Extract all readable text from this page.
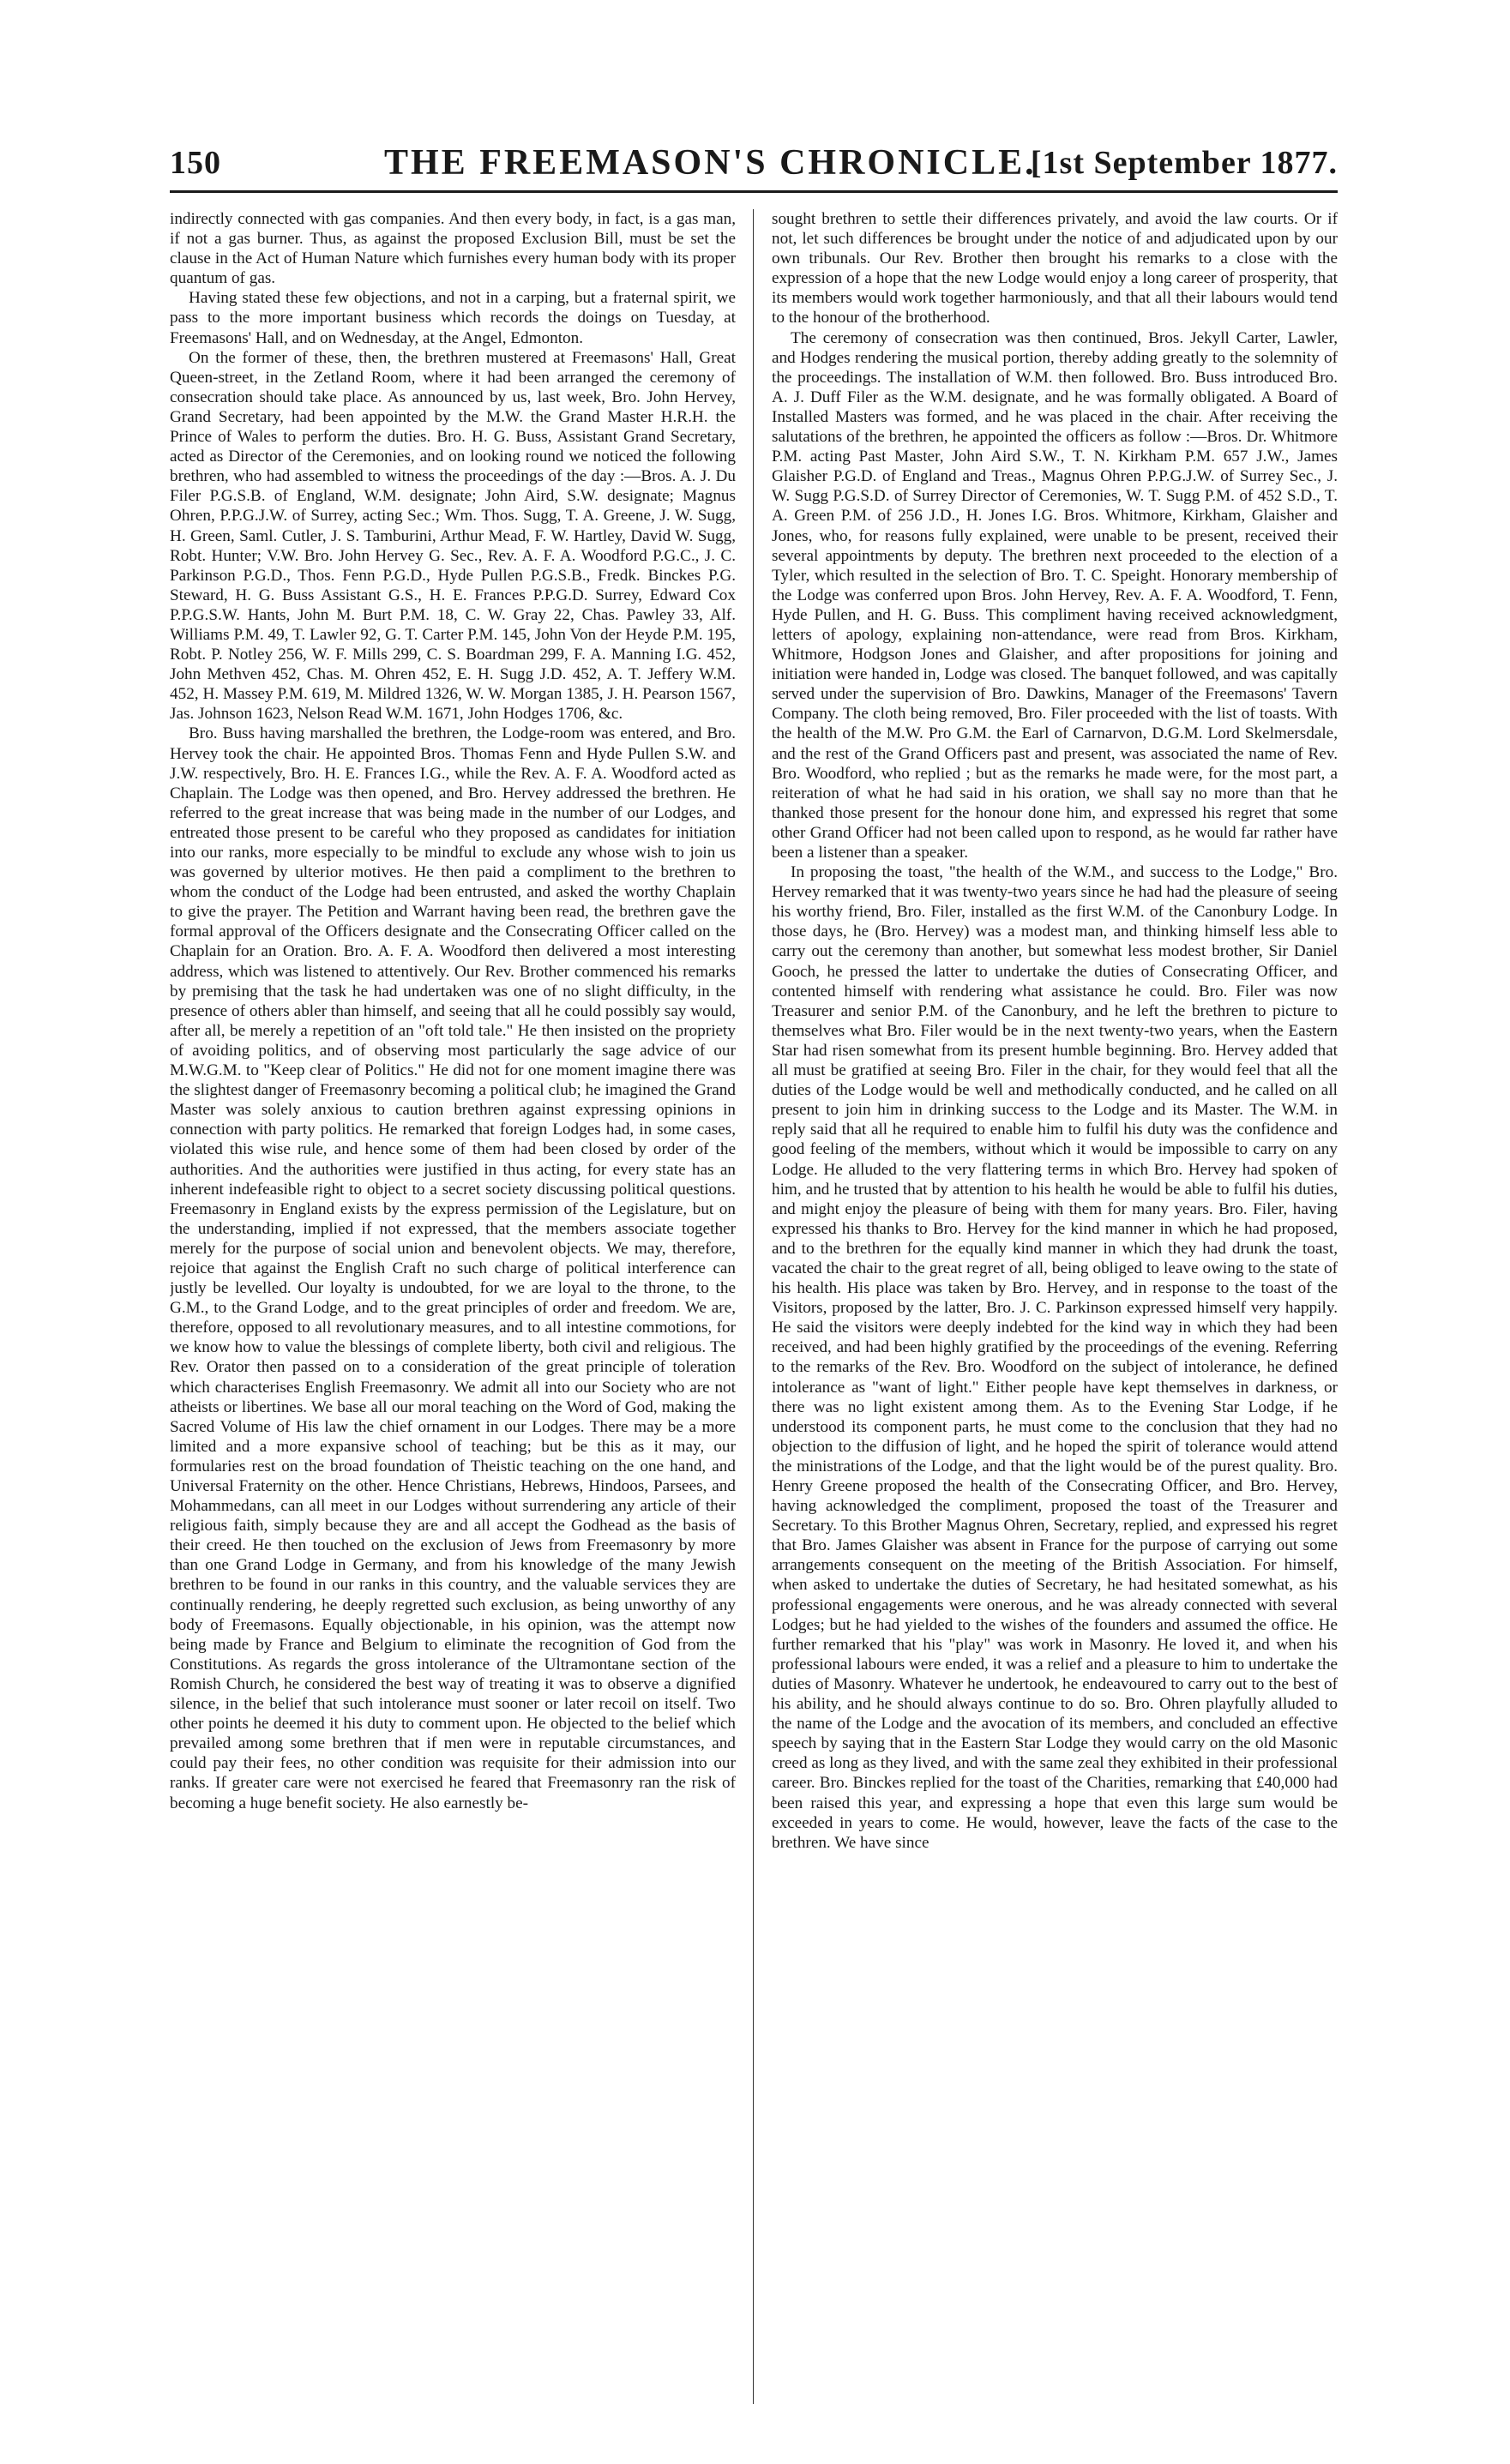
150	THE FREEMASON'S CHRONICLE.
[1st September 1877.

indirectly connected with gas companies. And then every body, in fact, is a gas man, if not a gas burner. Thus, as against the proposed Exclusion Bill, must be set the clause in the Act of Human Nature which furnishes every human body with its proper quantum of gas.

Having stated these few objections, and not in a carping, but a fraternal spirit, we pass to the more important business which records the doings on Tuesday, at Freemasons' Hall, and on Wednesday, at the Angel, Edmonton.

On the former of these, then, the brethren mustered at Freemasons' Hall, Great Queen-street, in the Zetland Room, where it had been arranged the ceremony of consecration should take place. As announced by us, last week, Bro. John Hervey, Grand Secretary, had been appointed by the M.W. the Grand Master H.R.H. the Prince of Wales to perform the duties. Bro. H. G. Buss, Assistant Grand Secretary, acted as Director of the Ceremonies, and on looking round we noticed the following brethren, who had assembled to witness the proceedings of the day :—Bros. A. J. Du Filer P.G.S.B. of England, W.M. designate; John Aird, S.W. designate; Magnus Ohren, P.P.G.J.W. of Surrey, acting Sec.; Wm. Thos. Sugg, T. A. Greene, J. W. Sugg, H. Green, Saml. Cutler, J. S. Tamburini, Arthur Mead, F. W. Hartley, David W. Sugg, Robt. Hunter; V.W. Bro. John Hervey G. Sec., Rev. A. F. A. Woodford P.G.C., J. C. Parkinson P.G.D., Thos. Fenn P.G.D., Hyde Pullen P.G.S.B., Fredk. Binckes P.G. Steward, H. G. Buss Assistant G.S., H. E. Frances P.P.G.D. Surrey, Edward Cox P.P.G.S.W. Hants, John M. Burt P.M. 18, C. W. Gray 22, Chas. Pawley 33, Alf. Williams P.M. 49, T. Lawler 92, G. T. Carter P.M. 145, John Von der Heyde P.M. 195, Robt. P. Notley 256, W. F. Mills 299, C. S. Boardman 299, F. A. Manning I.G. 452, John Methven 452, Chas. M. Ohren 452, E. H. Sugg J.D. 452, A. T. Jeffery W.M. 452, H. Massey P.M. 619, M. Mildred 1326, W. W. Morgan 1385, J. H. Pearson 1567, Jas. Johnson 1623, Nelson Read W.M. 1671, John Hodges 1706, &c.

Bro. Buss having marshalled the brethren, the Lodge-room was entered, and Bro. Hervey took the chair. He appointed Bros. Thomas Fenn and Hyde Pullen S.W. and J.W. respectively, Bro. H. E. Frances I.G., while the Rev. A. F. A. Woodford acted as Chaplain. The Lodge was then opened, and Bro. Hervey addressed the brethren. He referred to the great increase that was being made in the number of our Lodges, and entreated those present to be careful who they proposed as candidates for initiation into our ranks, more especially to be mindful to exclude any whose wish to join us was governed by ulterior motives. He then paid a compliment to the brethren to whom the conduct of the Lodge had been entrusted, and asked the worthy Chaplain to give the prayer. The Petition and Warrant having been read, the brethren gave the formal approval of the Officers designate and the Consecrating Officer called on the Chaplain for an Oration. Bro. A. F. A. Woodford then delivered a most interesting address, which was listened to attentively. Our Rev. Brother commenced his remarks by premising that the task he had undertaken was one of no slight difficulty, in the presence of others abler than himself, and seeing that all he could possibly say would, after all, be merely a repetition of an "oft told tale." He then insisted on the propriety of avoiding politics, and of observing most particularly the sage advice of our M.W.G.M. to "Keep clear of Politics." He did not for one moment imagine there was the slightest danger of Freemasonry becoming a political club; he imagined the Grand Master was solely anxious to caution brethren against expressing opinions in connection with party politics. He remarked that foreign Lodges had, in some cases, violated this wise rule, and hence some of them had been closed by order of the authorities. And the authorities were justified in thus acting, for every state has an inherent indefeasible right to object to a secret society discussing political questions. Freemasonry in England exists by the express permission of the Legislature, but on the understanding, implied if not expressed, that the members associate together merely for the purpose of social union and benevolent objects. We may, therefore, rejoice that against the English Craft no such charge of political interference can justly be levelled. Our loyalty is undoubted, for we are loyal to the throne, to the G.M., to the Grand Lodge, and to the great principles of order and freedom. We are, therefore, opposed to all revolutionary measures, and to all intestine commotions, for we know how to value the blessings of complete liberty, both civil and religious. The Rev. Orator then passed on to a consideration of the great principle of toleration which characterises English Freemasonry. We admit all into our Society who are not atheists or libertines. We base all our moral teaching on the Word of God, making the Sacred Volume of His law the chief ornament in our Lodges. There may be a more limited and a more expansive school of teaching; but be this as it may, our formularies rest on the broad foundation of Theistic teaching on the one hand, and Universal Fraternity on the other. Hence Christians, Hebrews, Hindoos, Parsees, and Mohammedans, can all meet in our Lodges without surrendering any article of their religious faith, simply because they are and all accept the Godhead as the basis of their creed. He then touched on the exclusion of Jews from Freemasonry by more than one Grand Lodge in Germany, and from his knowledge of the many Jewish brethren to be found in our ranks in this country, and the valuable services they are continually rendering, he deeply regretted such exclusion, as being unworthy of any body of Freemasons. Equally objectionable, in his opinion, was the attempt now being made by France and Belgium to eliminate the recognition of God from the Constitutions. As regards the gross intolerance of the Ultramontane section of the Romish Church, he considered the best way of treating it was to observe a dignified silence, in the belief that such intolerance must sooner or later recoil on itself. Two other points he deemed it his duty to comment upon. He objected to the belief which prevailed among some brethren that if men were in reputable circumstances, and could pay their fees, no other condition was requisite for their admission into our ranks. If greater care were not exercised he feared that Freemasonry ran the risk of becoming a huge benefit society. He also earnestly be-

sought brethren to settle their differences privately, and avoid the law courts. Or if not, let such differences be brought under the notice of and adjudicated upon by our own tribunals. Our Rev. Brother then brought his remarks to a close with the expression of a hope that the new Lodge would enjoy a long career of prosperity, that its members would work together harmoniously, and that all their labours would tend to the honour of the brotherhood.

The ceremony of consecration was then continued, Bros. Jekyll Carter, Lawler, and Hodges rendering the musical portion, thereby adding greatly to the solemnity of the proceedings. The installation of W.M. then followed. Bro. Buss introduced Bro. A. J. Duff Filer as the W.M. designate, and he was formally obligated. A Board of Installed Masters was formed, and he was placed in the chair. After receiving the salutations of the brethren, he appointed the officers as follow :—Bros. Dr. Whitmore P.M. acting Past Master, John Aird S.W., T. N. Kirkham P.M. 657 J.W., James Glaisher P.G.D. of England and Treas., Magnus Ohren P.P.G.J.W. of Surrey Sec., J. W. Sugg P.G.S.D. of Surrey Director of Ceremonies, W. T. Sugg P.M. of 452 S.D., T. A. Green P.M. of 256 J.D., H. Jones I.G. Bros. Whitmore, Kirkham, Glaisher and Jones, who, for reasons fully explained, were unable to be present, received their several appointments by deputy. The brethren next proceeded to the election of a Tyler, which resulted in the selection of Bro. T. C. Speight. Honorary membership of the Lodge was conferred upon Bros. John Hervey, Rev. A. F. A. Woodford, T. Fenn, Hyde Pullen, and H. G. Buss. This compliment having received acknowledgment, letters of apology, explaining non-attendance, were read from Bros. Kirkham, Whitmore, Hodgson Jones and Glaisher, and after propositions for joining and initiation were handed in, Lodge was closed. The banquet followed, and was capitally served under the supervision of Bro. Dawkins, Manager of the Freemasons' Tavern Company. The cloth being removed, Bro. Filer proceeded with the list of toasts. With the health of the M.W. Pro G.M. the Earl of Carnarvon, D.G.M. Lord Skelmersdale, and the rest of the Grand Officers past and present, was associated the name of Rev. Bro. Woodford, who replied ; but as the remarks he made were, for the most part, a reiteration of what he had said in his oration, we shall say no more than that he thanked those present for the honour done him, and expressed his regret that some other Grand Officer had not been called upon to respond, as he would far rather have been a listener than a speaker.

In proposing the toast, "the health of the W.M., and success to the Lodge," Bro. Hervey remarked that it was twenty-two years since he had had the pleasure of seeing his worthy friend, Bro. Filer, installed as the first W.M. of the Canonbury Lodge. In those days, he (Bro. Hervey) was a modest man, and thinking himself less able to carry out the ceremony than another, but somewhat less modest brother, Sir Daniel Gooch, he pressed the latter to undertake the duties of Consecrating Officer, and contented himself with rendering what assistance he could. Bro. Filer was now Treasurer and senior P.M. of the Canonbury, and he left the brethren to picture to themselves what Bro. Filer would be in the next twenty-two years, when the Eastern Star had risen somewhat from its present humble beginning. Bro. Hervey added that all must be gratified at seeing Bro. Filer in the chair, for they would feel that all the duties of the Lodge would be well and methodically conducted, and he called on all present to join him in drinking success to the Lodge and its Master. The W.M. in reply said that all he required to enable him to fulfil his duty was the confidence and good feeling of the members, without which it would be impossible to carry on any Lodge. He alluded to the very flattering terms in which Bro. Hervey had spoken of him, and he trusted that by attention to his health he would be able to fulfil his duties, and might enjoy the pleasure of being with them for many years. Bro. Filer, having expressed his thanks to Bro. Hervey for the kind manner in which he had proposed, and to the brethren for the equally kind manner in which they had drunk the toast, vacated the chair to the great regret of all, being obliged to leave owing to the state of his health. His place was taken by Bro. Hervey, and in response to the toast of the Visitors, proposed by the latter, Bro. J. C. Parkinson expressed himself very happily. He said the visitors were deeply indebted for the kind way in which they had been received, and had been highly gratified by the proceedings of the evening. Referring to the remarks of the Rev. Bro. Woodford on the subject of intolerance, he defined intolerance as "want of light." Either people have kept themselves in darkness, or there was no light existent among them. As to the Evening Star Lodge, if he understood its component parts, he must come to the conclusion that they had no objection to the diffusion of light, and he hoped the spirit of tolerance would attend the ministrations of the Lodge, and that the light would be of the purest quality. Bro. Henry Greene proposed the health of the Consecrating Officer, and Bro. Hervey, having acknowledged the compliment, proposed the toast of the Treasurer and Secretary. To this Brother Magnus Ohren, Secretary, replied, and expressed his regret that Bro. James Glaisher was absent in France for the purpose of carrying out some arrangements consequent on the meeting of the British Association. For himself, when asked to undertake the duties of Secretary, he had hesitated somewhat, as his professional engagements were onerous, and he was already connected with several Lodges; but he had yielded to the wishes of the founders and assumed the office. He further remarked that his "play" was work in Masonry. He loved it, and when his professional labours were ended, it was a relief and a pleasure to him to undertake the duties of Masonry. Whatever he undertook, he endeavoured to carry out to the best of his ability, and he should always continue to do so. Bro. Ohren playfully alluded to the name of the Lodge and the avocation of its members, and concluded an effective speech by saying that in the Eastern Star Lodge they would carry on the old Masonic creed as long as they lived, and with the same zeal they exhibited in their professional career. Bro. Binckes replied for the toast of the Charities, remarking that £40,000 had been raised this year, and expressing a hope that even this large sum would be exceeded in years to come. He would, however, leave the facts of the case to the brethren. We have since
